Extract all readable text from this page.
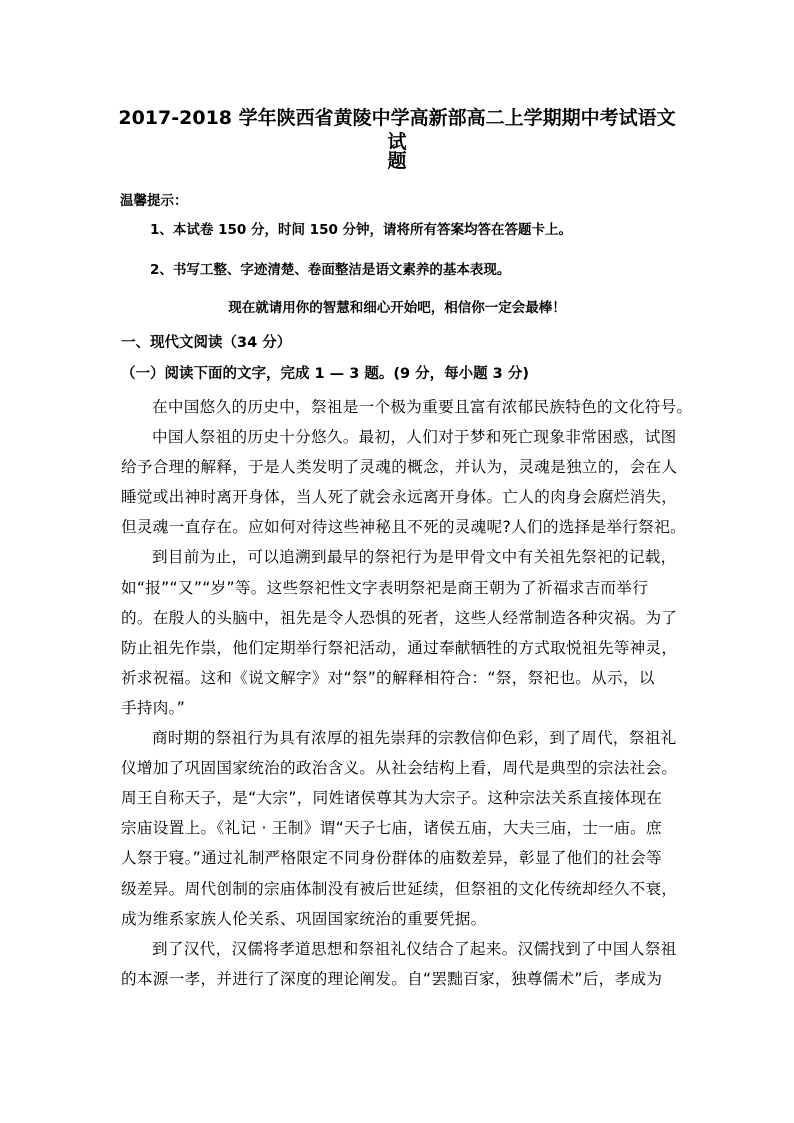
2017-2018 学年陕西省黄陵中学高新部高二上学期期中考试语文试
题

温馨提示：

1、本试卷 150 分，时间 150 分钟，请将所有答案均答在答题卡上。

2、书写工整、字迹清楚、卷面整洁是语文素养的基本表现。

现在就请用你的智慧和细心开始吧，相信你一定会最棒！

一、现代文阅读（34 分）
（一）阅读下面的文字，完成 1 — 3 题。(9 分，每小题 3 分)
在中国悠久的历史中，祭祖是一个极为重要且富有浓郁民族特色的文化符号。
中国人祭祖的历史十分悠久。最初，人们对于梦和死亡现象非常困惑，试图
给予合理的解释，于是人类发明了灵魂的概念，并认为，灵魂是独立的，会在人
睡觉或出神时离开身体，当人死了就会永远离开身体。亡人的肉身会腐烂消失，
但灵魂一直存在。应如何对待这些神秘且不死的灵魂呢?人们的选择是举行祭祀。
到目前为止，可以追溯到最早的祭祀行为是甲骨文中有关祖先祭祀的记载，
如“报”“又”“岁”等。这些祭祀性文字表明祭祀是商王朝为了祈福求吉而举行
的。在殷人的头脑中，祖先是令人恐惧的死者，这些人经常制造各种灾祸。为了
防止祖先作祟，他们定期举行祭祀活动，通过奉献牺牲的方式取悦祖先等神灵，
祈求祝福。这和《说文解字》对“祭”的解释相符合：“祭，祭祀也。从示，以
手持肉。”
商时期的祭祖行为具有浓厚的祖先崇拜的宗教信仰色彩，到了周代，祭祖礼
仪增加了巩固国家统治的政治含义。从社会结构上看，周代是典型的宗法社会。
周王自称天子，是“大宗”，同姓诸侯尊其为大宗子。这种宗法关系直接体现在
宗庙设置上。《礼记 · 王制》谓“天子七庙，诸侯五庙，大夫三庙，士一庙。庶
人祭于寝。”通过礼制严格限定不同身份群体的庙数差异，彰显了他们的社会等
级差异。周代创制的宗庙体制没有被后世延续，但祭祖的文化传统却经久不衰，
成为维系家族人伦关系、巩固国家统治的重要凭据。
到了汉代，汉儒将孝道思想和祭祖礼仪结合了起来。汉儒找到了中国人祭祖
的本源一孝，并进行了深度的理论阐发。自“罢黜百家，独尊儒术”后，孝成为
